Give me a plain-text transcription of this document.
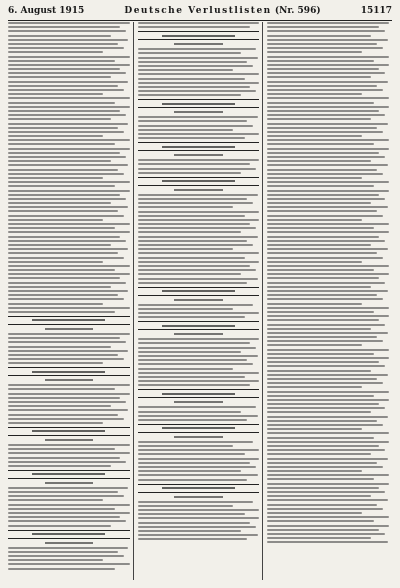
6. August 1915	Deutsche Verlustlisten (Nr. 596)	15117
